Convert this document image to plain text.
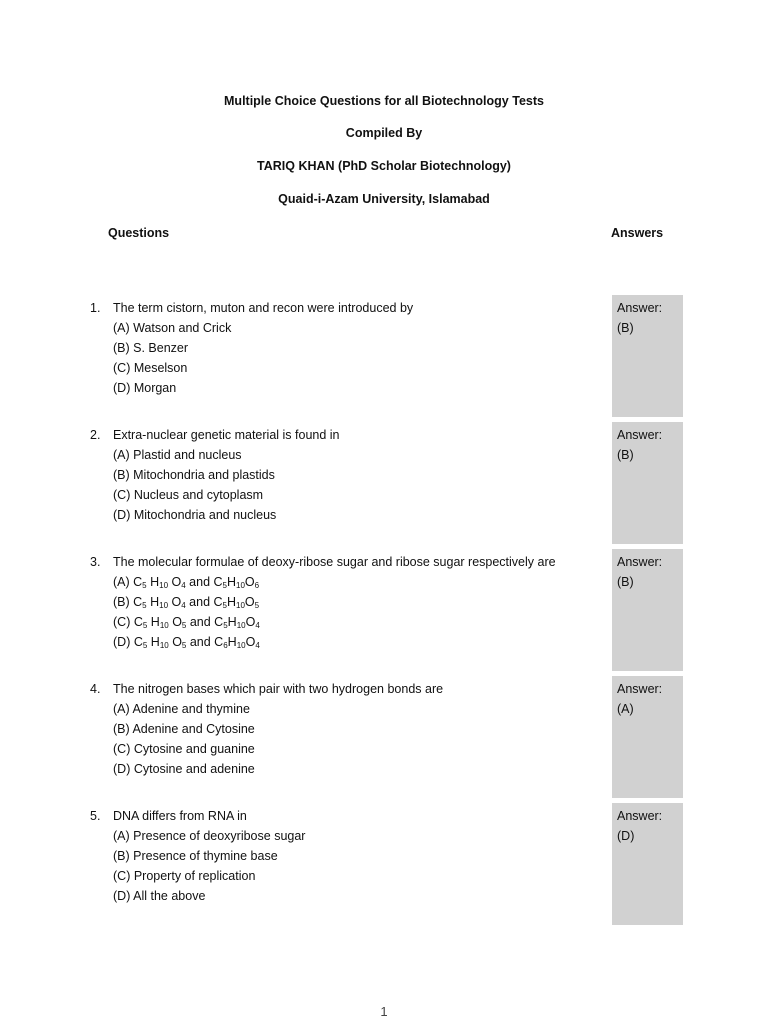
Multiple Choice Questions for all Biotechnology Tests
Compiled By
TARIQ KHAN (PhD Scholar Biotechnology)
Quaid-i-Azam University, Islamabad
Questions	Answers
1.	The term cistorn, muton and recon were introduced by
(A) Watson and Crick
(B) S. Benzer
(C) Meselson
(D) Morgan
Answer:
(B)
2.	Extra-nuclear genetic material is found in
(A) Plastid and nucleus
(B) Mitochondria and plastids
(C) Nucleus and cytoplasm
(D) Mitochondria and nucleus
Answer:
(B)
3.	The molecular formulae of deoxy-ribose sugar and ribose sugar respectively are
(A) $C_5$ $H_{10}$ $O_4$ and $C_5H_{10}O_6$
(B) $C_5$ $H_{10}$ $O_4$ and $C_5H_{10}O_5$
(C) $C_5$ $H_{10}$ $O_5$ and $C_5H_{10}O_4$
(D) $C_5$ $H_{10}$ $O_5$ and $C_6H_{10}O_4$
Answer:
(B)
4.	The nitrogen bases which pair with two hydrogen bonds are
(A) Adenine and thymine
(B) Adenine and Cytosine
(C) Cytosine and guanine
(D) Cytosine and adenine
Answer:
(A)
5.	DNA differs from RNA in
(A) Presence of deoxyribose sugar
(B) Presence of thymine base
(C) Property of replication
(D) All the above
Answer:
(D)
1
